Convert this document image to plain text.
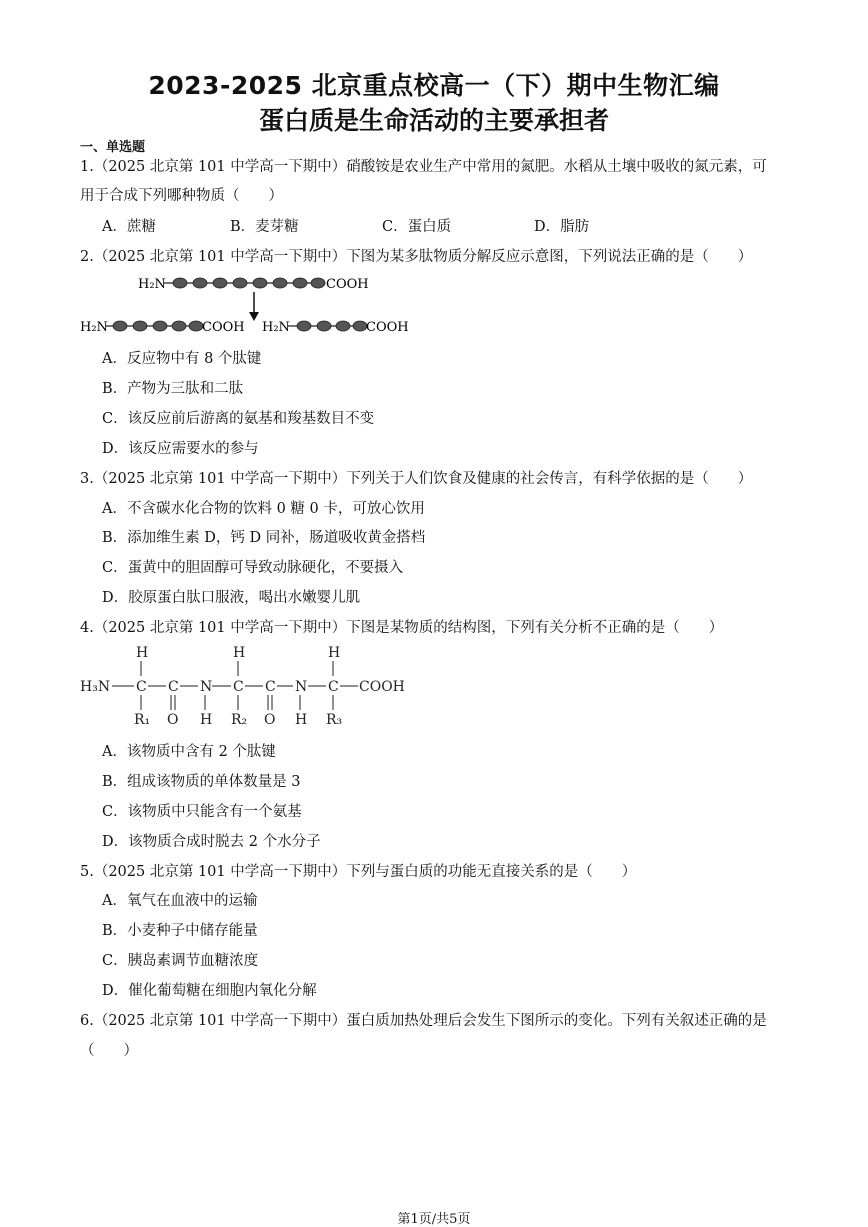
2023-2025 北京重点校高一（下）期中生物汇编
蛋白质是生命活动的主要承担者
一、单选题
1.（2025 北京第 101 中学高一下期中）硝酸铵是农业生产中常用的氮肥。水稻从土壤中吸收的氮元素，可
用于合成下列哪种物质（　　）
A．蔗糖	B．麦芽糖	C．蛋白质	D．脂肪
2.（2025 北京第 101 中学高一下期中）下图为某多肽物质分解反应示意图，下列说法正确的是（　　）
H₂N	COOH
H₂N	COOH H₂N	COOH
A．反应物中有 8 个肽键
B．产物为三肽和二肽
C．该反应前后游离的氨基和羧基数目不变
D．该反应需要水的参与
3.（2025 北京第 101 中学高一下期中）下列关于人们饮食及健康的社会传言，有科学依据的是（　　）
A．不含碳水化合物的饮料 0 糖 0 卡，可放心饮用
B．添加维生素 D，钙 D 同补，肠道吸收黄金搭档
C．蛋黄中的胆固醇可导致动脉硬化，不要摄入
D．胶原蛋白肽口服液，喝出水嫩婴儿肌
4.（2025 北京第 101 中学高一下期中）下图是某物质的结构图，下列有关分析不正确的是（　　）
H	H	H
H₃N C C N C C N C COOH
R₁ O H R₂ O H R₃
A．该物质中含有 2 个肽键
B．组成该物质的单体数量是 3
C．该物质中只能含有一个氨基
D．该物质合成时脱去 2 个水分子
5.（2025 北京第 101 中学高一下期中）下列与蛋白质的功能无直接关系的是（　　）
A．氧气在血液中的运输
B．小麦种子中储存能量
C．胰岛素调节血糖浓度
D．催化葡萄糖在细胞内氧化分解
6.（2025 北京第 101 中学高一下期中）蛋白质加热处理后会发生下图所示的变化。下列有关叙述正确的是
（　　）
第1页/共5页
